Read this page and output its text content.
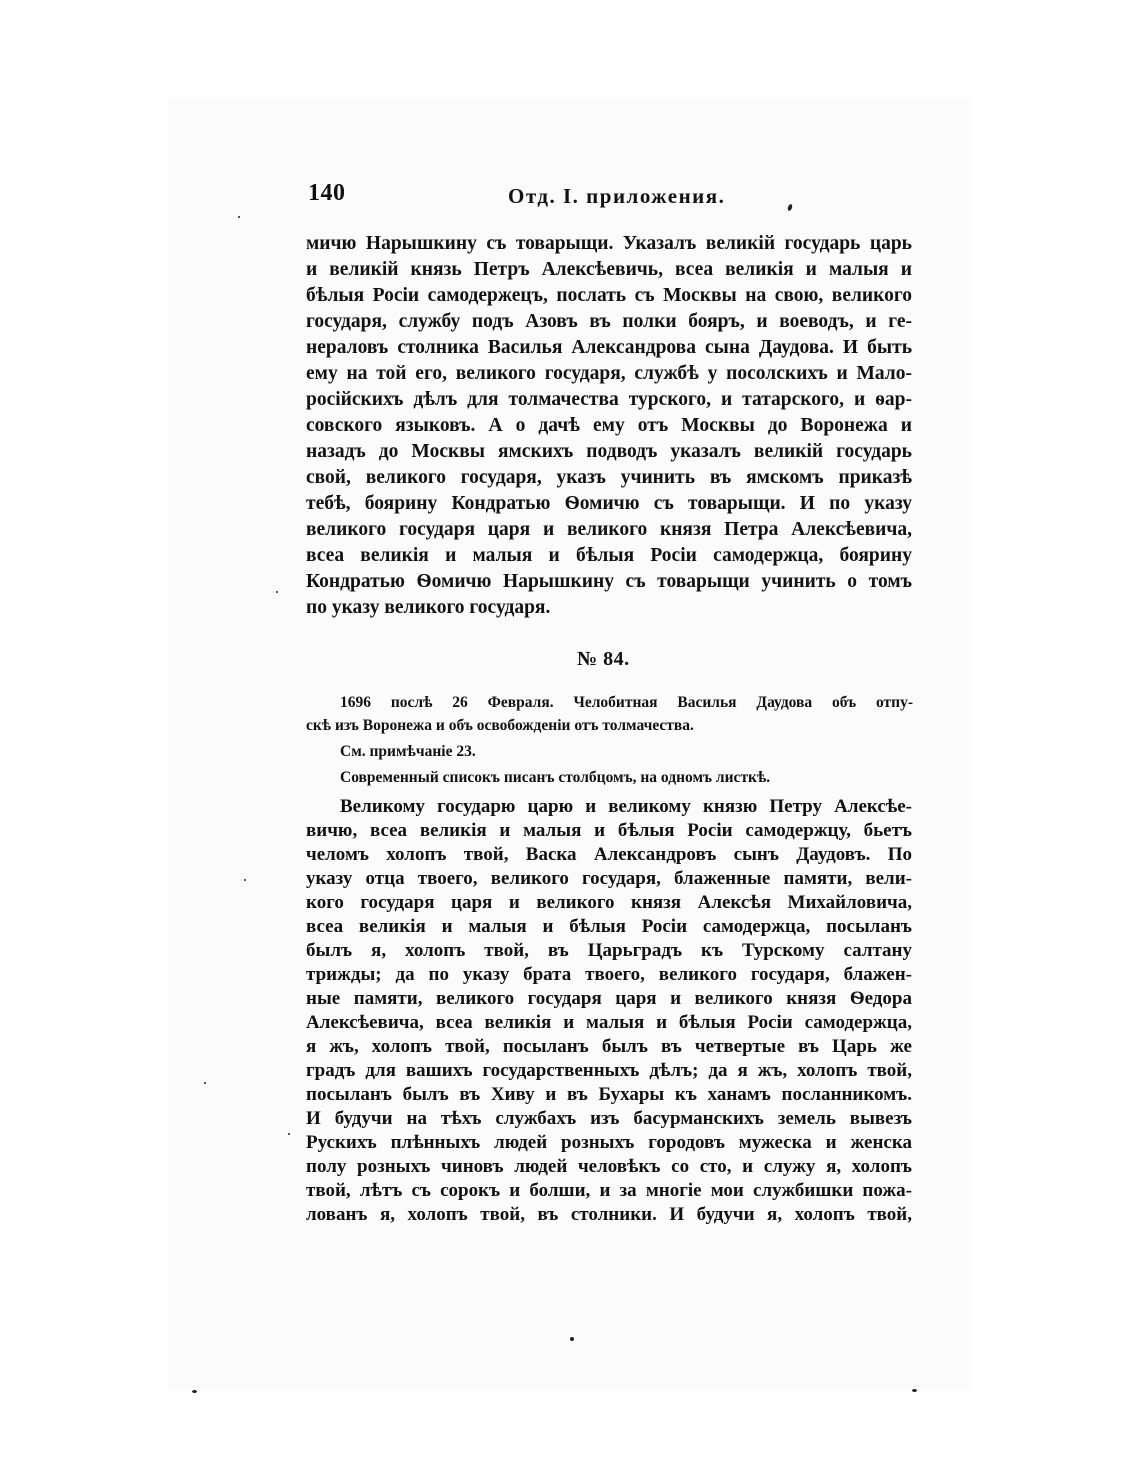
140	Отд. I. приложения.
мичю Нарышкину съ товарыщи. Указалъ великій государь царь
и великій князь Петръ Алексѣевичь, всеа великія и малыя и
бѣлыя Росіи самодержецъ, послать съ Москвы на свою, великого
государя, службу подъ Азовъ въ полки бояръ, и воеводъ, и ге-
нераловъ столника Василья Александрова сына Даудова. И быть
ему на той его, великого государя, службѣ у посолскихъ и Мало-
російскихъ дѣлъ для толмачества турского, и татарского, и ѳар-
совского языковъ. А о дачѣ ему отъ Москвы до Воронежа и
назадъ до Москвы ямскихъ подводъ указалъ великій государь
свой, великого государя, указъ учинить въ ямскомъ приказѣ
тебѣ, боярину Кондратью Ѳомичю съ товарыщи. И по указу
великого государя царя и великого князя Петра Алексѣевича,
всеа великія и малыя и бѣлыя Росіи самодержца, боярину
Кондратью Ѳомичю Нарышкину съ товарыщи учинить о томъ
по указу великого государя.
№ 84.
1696 послѣ 26 Февраля. Челобитная Василья Даудова объ отпу-
скѣ изъ Воронежа и объ освобожденіи отъ толмачества.
См. примѣчаніе 23.
Современный списокъ писанъ столбцомъ, на одномъ листкѣ.
Великому государю царю и великому князю Петру Алексѣе-
вичю, всеа великія и малыя и бѣлыя Росіи самодержцу, бьетъ
челомъ холопъ твой, Васка Александровъ сынъ Даудовъ. По
указу отца твоего, великого государя, блаженные памяти, вели-
кого государя царя и великого князя Алексѣя Михайловича,
всеа великія и малыя и бѣлыя Росіи самодержца, посыланъ
былъ я, холопъ твой, въ Царьградъ къ Турскому салтану
трижды; да по указу брата твоего, великого государя, блажен-
ные памяти, великого государя царя и великого князя Ѳедора
Алексѣевича, всеа великія и малыя и бѣлыя Росіи самодержца,
я жъ, холопъ твой, посыланъ былъ въ четвертые въ Царь же
градъ для вашихъ государственныхъ дѣлъ; да я жъ, холопъ твой,
посыланъ былъ въ Хиву и въ Бухары къ ханамъ посланникомъ.
И будучи на тѣхъ службахъ изъ басурманскихъ земель вывезъ
Рускихъ плѣнныхъ людей розныхъ городовъ мужеска и женска
полу розныхъ чиновъ людей человѣкъ со сто, и служу я, холопъ
твой, лѣтъ съ сорокъ и болши, и за многіе мои службишки пожа-
лованъ я, холопъ твой, въ столники. И будучи я, холопъ твой,
